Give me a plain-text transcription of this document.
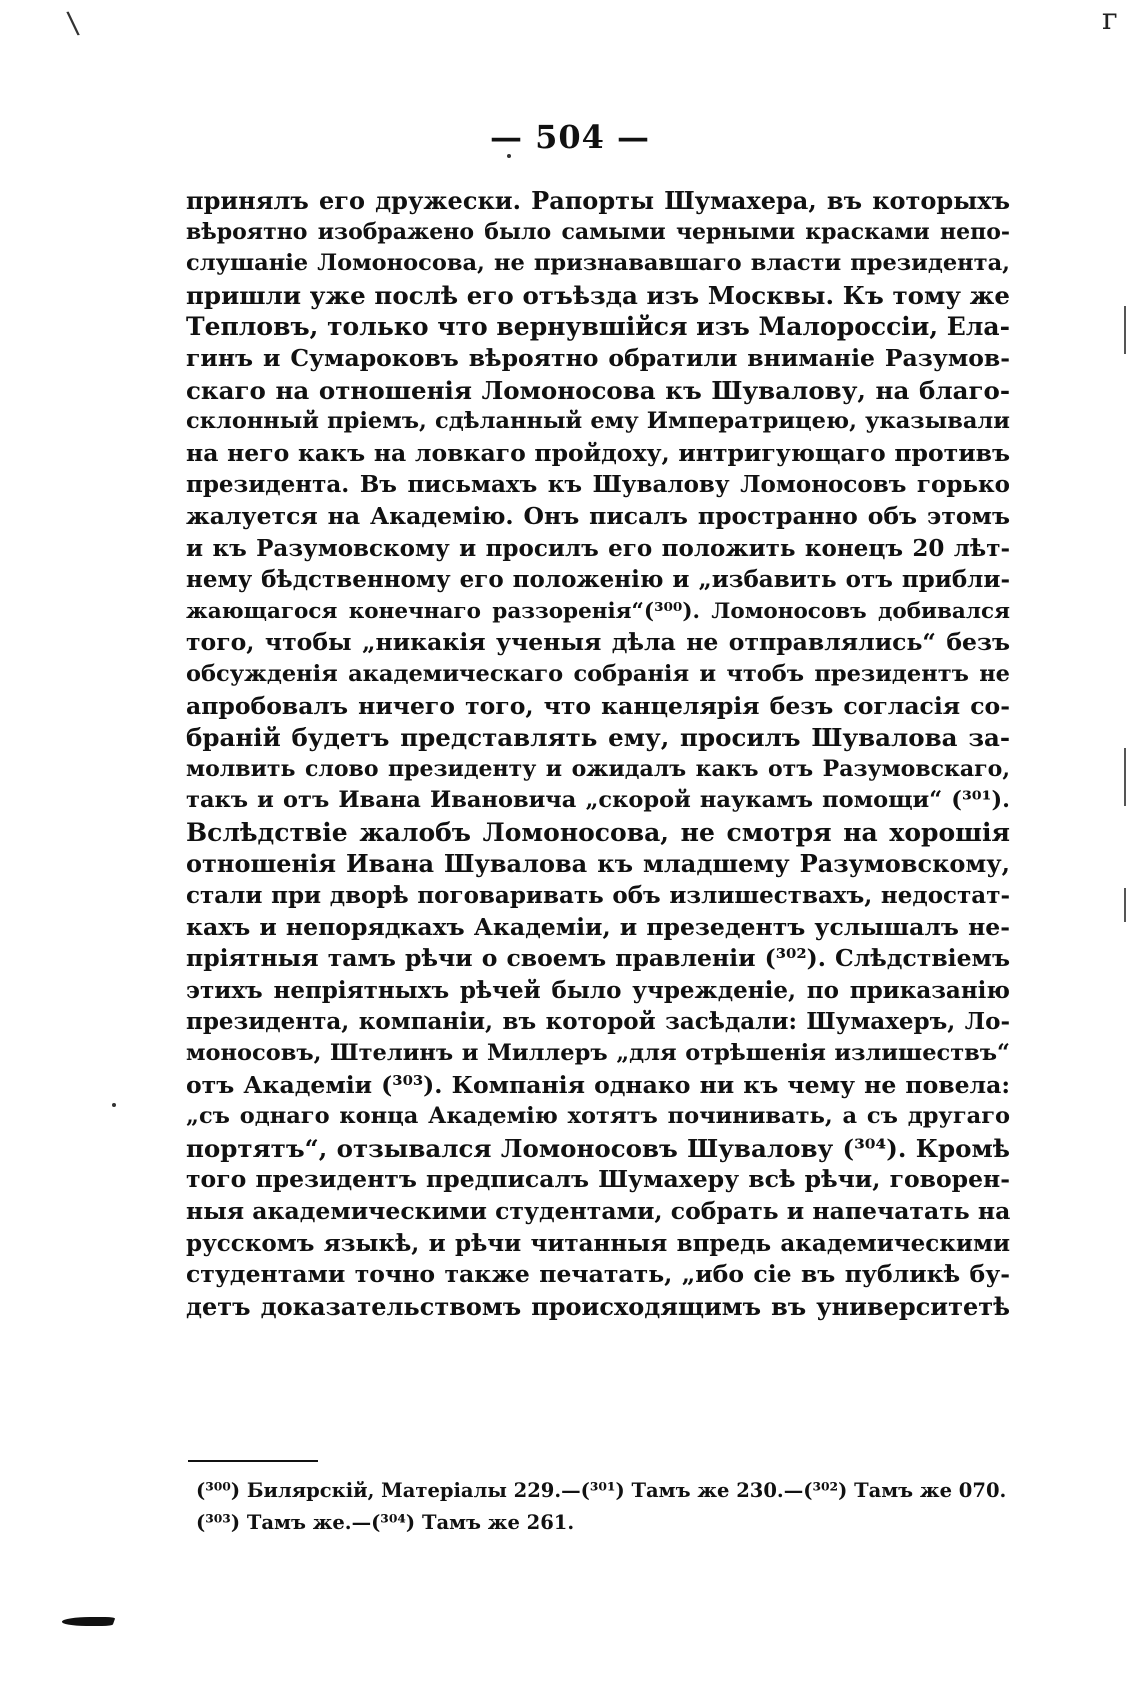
\	г
— 504 —
принялъ его дружески. Рапорты Шумахера, въ которыхъ
вѣроятно изображено было самыми черными красками непо-
слушаніе Ломоносова, не признававшаго власти президента,
пришли уже послѣ его отъѣзда изъ Москвы. Къ тому же
Тепловъ, только что вернувшійся изъ Малороссіи, Ела-
гинъ и Сумароковъ вѣроятно обратили вниманіе Разумов-
скаго на отношенія Ломоносова къ Шувалову, на благо-
склонный пріемъ, сдѣланный ему Императрицею, указывали
на него какъ на ловкаго пройдоху, интригующаго противъ
президента. Въ письмахъ къ Шувалову Ломоносовъ горько
жалуется на Академію. Онъ писалъ пространно объ этомъ
и къ Разумовскому и просилъ его положить конецъ 20 лѣт-
нему бѣдственному его положенію и „избавить отъ прибли-
жающагося конечнаго раззоренія“(³⁰⁰). Ломоносовъ добивался
того, чтобы „никакія ученыя дѣла не отправлялись“ безъ
обсужденія академическаго собранія и чтобъ президентъ не
апробовалъ ничего того, что канцелярія безъ согласія со-
браній будетъ представлять ему, просилъ Шувалова за-
молвить слово президенту и ожидалъ какъ отъ Разумовскаго,
такъ и отъ Ивана Ивановича „скорой наукамъ помощи“ (³⁰¹).
Вслѣдствіе жалобъ Ломоносова, не смотря на хорошія
отношенія Ивана Шувалова къ младшему Разумовскому,
стали при дворѣ поговаривать объ излишествахъ, недостат-
кахъ и непорядкахъ Академіи, и презедентъ услышалъ не-
пріятныя тамъ рѣчи о своемъ правленіи (³⁰²). Слѣдствіемъ
этихъ непріятныхъ рѣчей было учрежденіе, по приказанію
президента, компаніи, въ которой засѣдали: Шумахеръ, Ло-
моносовъ, Штелинъ и Миллеръ „для отрѣшенія излишествъ“
отъ Академіи (³⁰³). Компанія однако ни къ чему не повела:
„съ однаго конца Академію хотятъ починивать, а съ другаго
портятъ“, отзывался Ломоносовъ Шувалову (³⁰⁴). Кромѣ
того президентъ предписалъ Шумахеру всѣ рѣчи, говорен-
ныя академическими студентами, собрать и напечатать на
русскомъ языкѣ, и рѣчи читанныя впредь академическими
студентами точно также печатать, „ибо сіе въ публикѣ бу-
детъ доказательствомъ происходящимъ въ университетѣ
(³⁰⁰) Билярскій, Матеріалы 229.—(³⁰¹) Тамъ же 230.—(³⁰²) Тамъ же 070.
(³⁰³) Тамъ же.—(³⁰⁴) Тамъ же 261.
